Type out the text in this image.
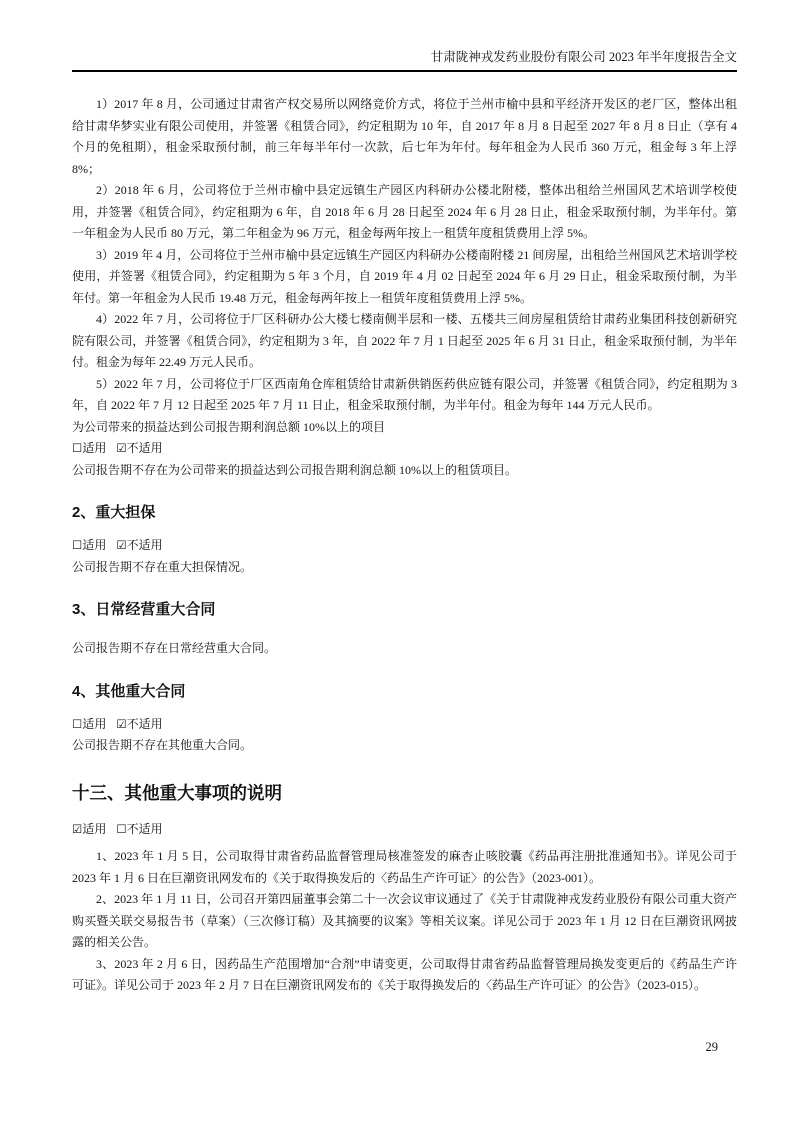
甘肃陇神戎发药业股份有限公司 2023 年半年度报告全文

1）2017 年 8 月，公司通过甘肃省产权交易所以网络竞价方式，将位于兰州市榆中县和平经济开发区的老厂区，整体出租给甘肃华梦实业有限公司使用，并签署《租赁合同》，约定租期为 10 年，自 2017 年 8 月 8 日起至 2027 年 8 月 8 日止（享有 4 个月的免租期），租金采取预付制，前三年每半年付一次款，后七年为年付。每年租金为人民币 360 万元，租金每 3 年上浮 8%；

2）2018 年 6 月，公司将位于兰州市榆中县定远镇生产园区内科研办公楼北附楼，整体出租给兰州国风艺术培训学校使用，并签署《租赁合同》，约定租期为 6 年，自 2018 年 6 月 28 日起至 2024 年 6 月 28 日止，租金采取预付制，为半年付。第一年租金为人民币 80 万元，第二年租金为 96 万元，租金每两年按上一租赁年度租赁费用上浮 5%。

3）2019 年 4 月，公司将位于兰州市榆中县定远镇生产园区内科研办公楼南附楼 21 间房屋，出租给兰州国风艺术培训学校使用，并签署《租赁合同》，约定租期为 5 年 3 个月，自 2019 年 4 月 02 日起至 2024 年 6 月 29 日止，租金采取预付制，为半年付。第一年租金为人民币 19.48 万元，租金每两年按上一租赁年度租赁费用上浮 5%。

4）2022 年 7 月，公司将位于厂区科研办公大楼七楼南侧半层和一楼、五楼共三间房屋租赁给甘肃药业集团科技创新研究院有限公司，并签署《租赁合同》，约定租期为 3 年，自 2022 年 7 月 1 日起至 2025 年 6 月 31 日止，租金采取预付制，为半年付。租金为每年 22.49 万元人民币。

5）2022 年 7 月，公司将位于厂区西南角仓库租赁给甘肃新供销医药供应链有限公司，并签署《租赁合同》，约定租期为 3 年，自 2022 年 7 月 12 日起至 2025 年 7 月 11 日止，租金采取预付制，为半年付。租金为每年 144 万元人民币。

为公司带来的损益达到公司报告期利润总额 10%以上的项目

☐适用 ☑不适用

公司报告期不存在为公司带来的损益达到公司报告期利润总额 10%以上的租赁项目。

2、重大担保
☐适用 ☑不适用

公司报告期不存在重大担保情况。

3、日常经营重大合同

公司报告期不存在日常经营重大合同。

4、其他重大合同
☐适用 ☑不适用

公司报告期不存在其他重大合同。

十三、其他重大事项的说明
☑适用 ☐不适用

1、2023 年 1 月 5 日，公司取得甘肃省药品监督管理局核准签发的麻杏止咳胶囊《药品再注册批准通知书》。详见公司于 2023 年 1 月 6 日在巨潮资讯网发布的《关于取得换发后的〈药品生产许可证〉的公告》（2023-001）。

2、2023 年 1 月 11 日，公司召开第四届董事会第二十一次会议审议通过了《关于甘肃陇神戎发药业股份有限公司重大资产购买暨关联交易报告书（草案）（三次修订稿）及其摘要的议案》等相关议案。详见公司于 2023 年 1 月 12 日在巨潮资讯网披露的相关公告。

3、2023 年 2 月 6 日，因药品生产范围增加“合剂”申请变更，公司取得甘肃省药品监督管理局换发变更后的《药品生产许可证》。详见公司于 2023 年 2 月 7 日在巨潮资讯网发布的《关于取得换发后的〈药品生产许可证〉的公告》（2023-015）。

29
